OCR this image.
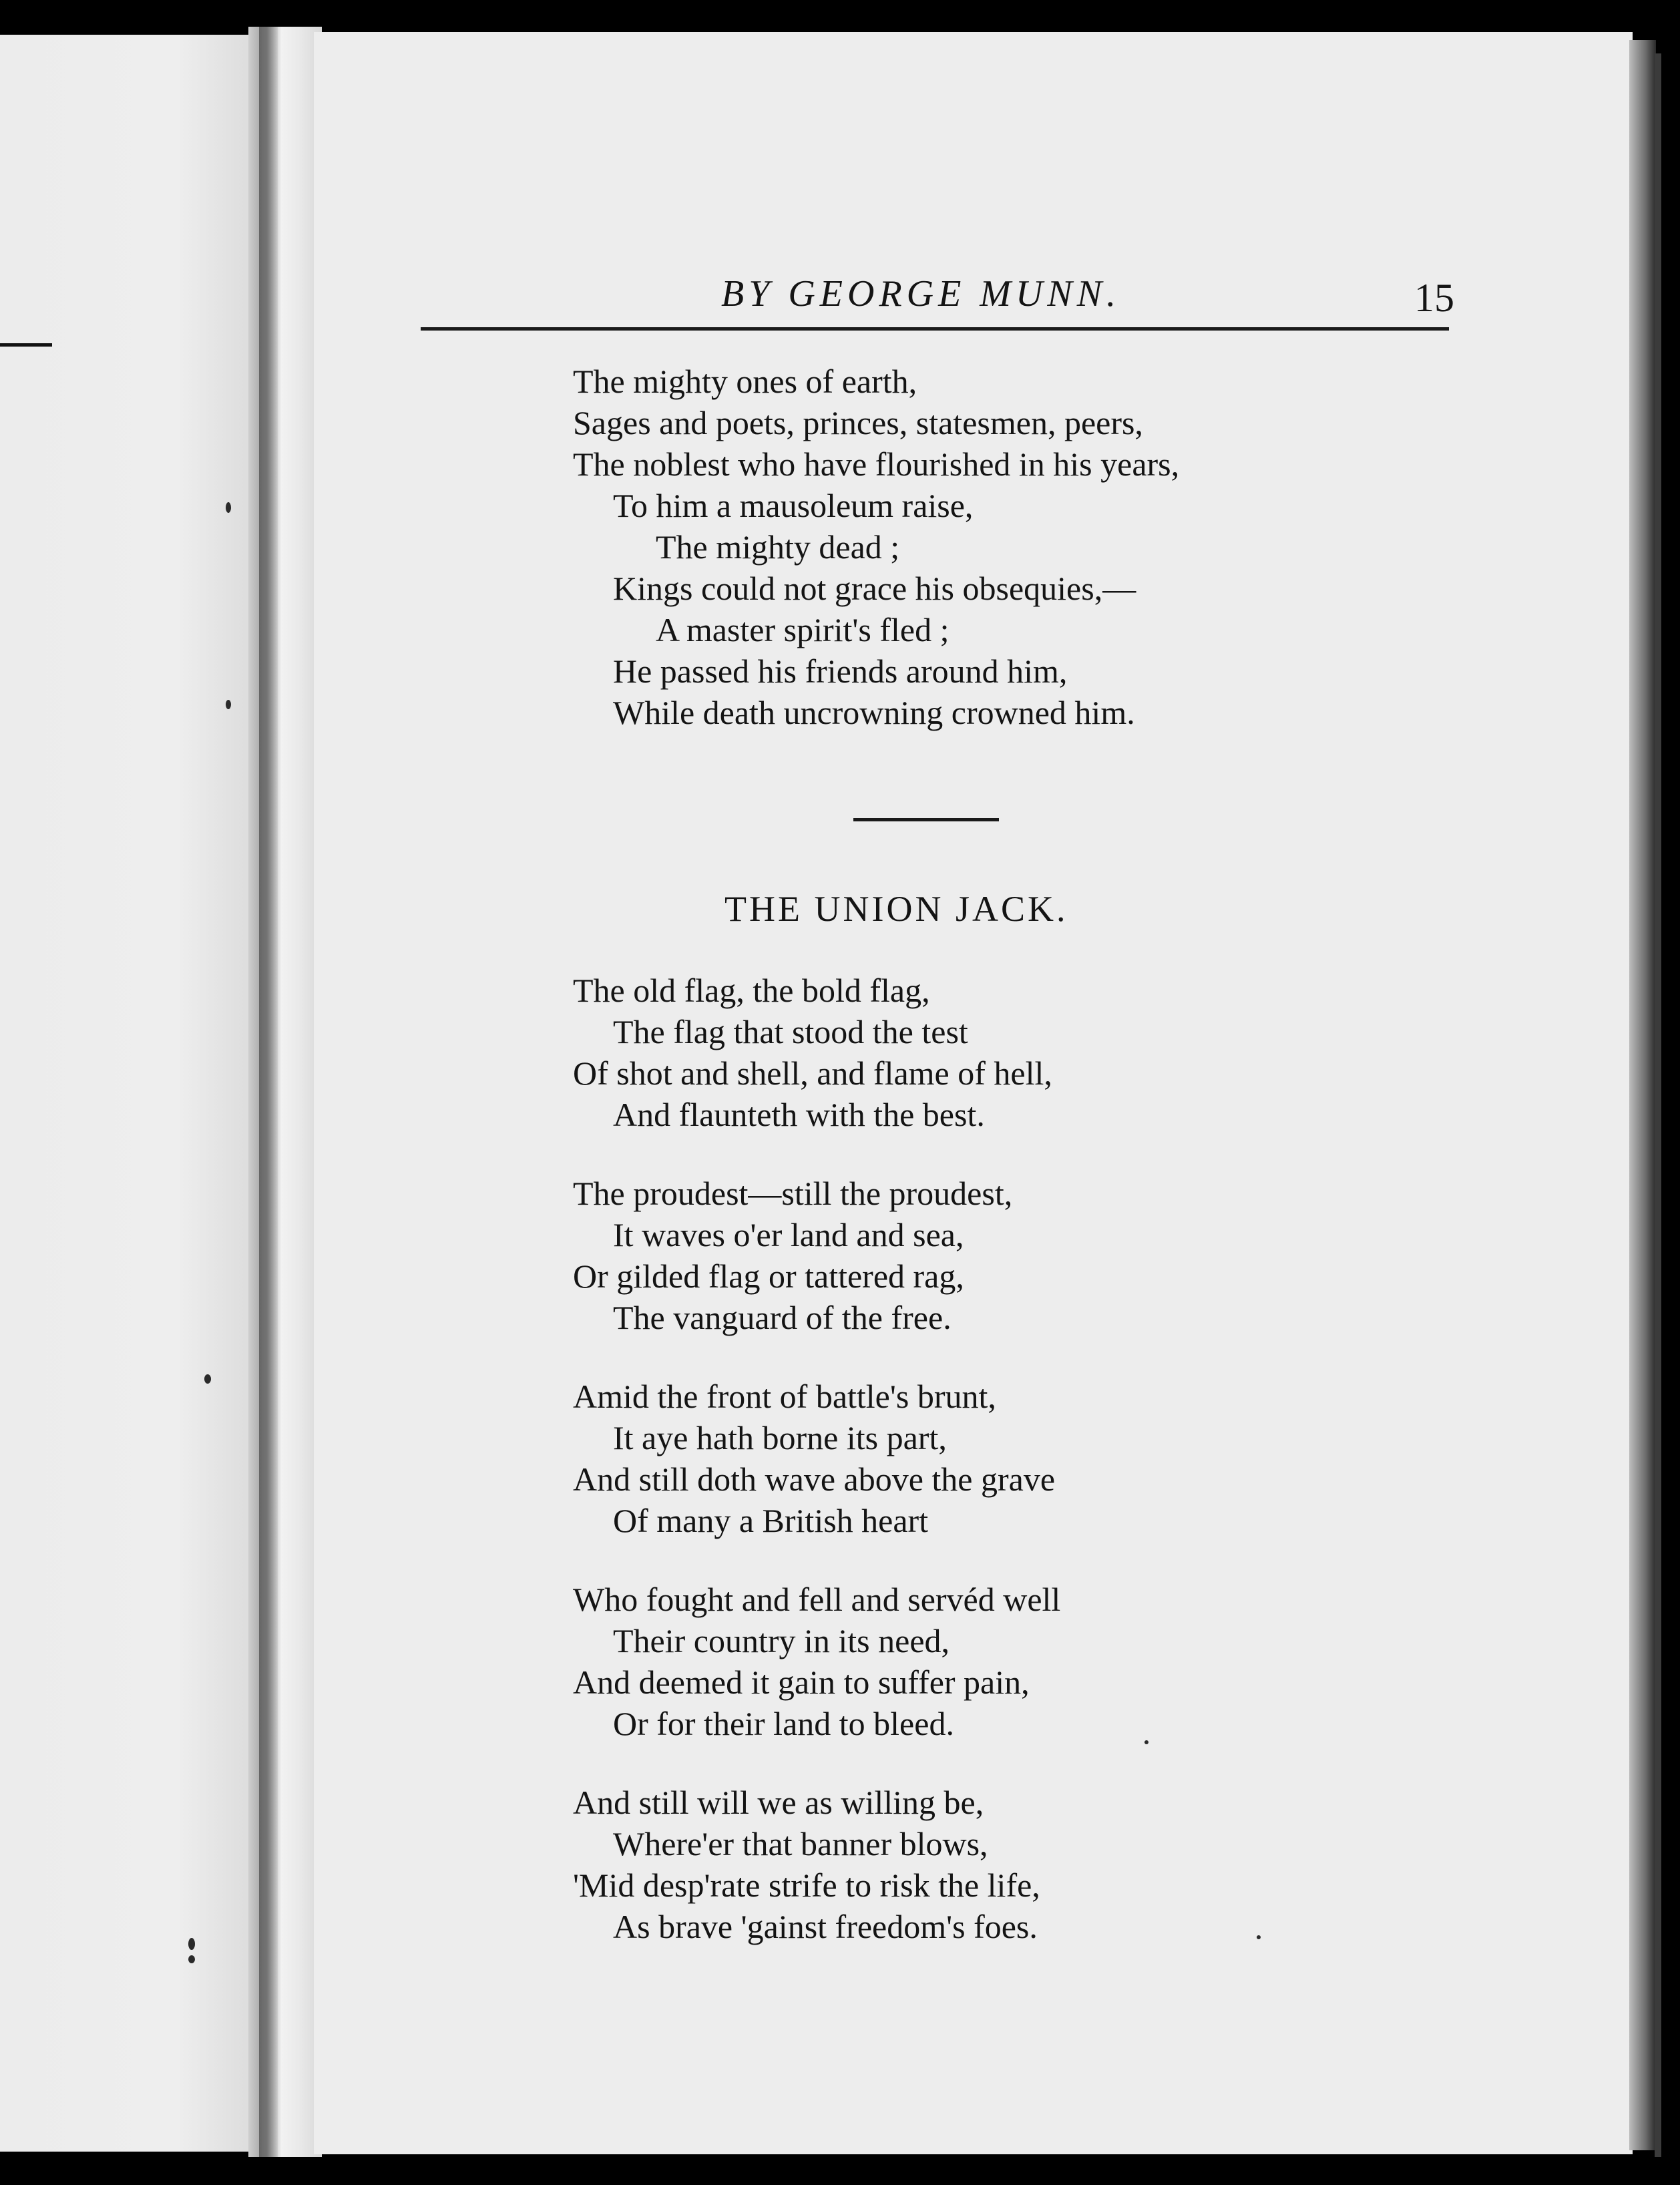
BY GEORGE MUNN.	15
The mighty ones of earth,
Sages and poets, princes, statesmen, peers,
The noblest who have flourished in his years,
To him a mausoleum raise,
The mighty dead ;
Kings could not grace his obsequies,—
A master spirit's fled ;
He passed his friends around him,
While death uncrowning crowned him.
THE UNION JACK.
The old flag, the bold flag,
The flag that stood the test
Of shot and shell, and flame of hell,
And flaunteth with the best.
The proudest—still the proudest,
It waves o'er land and sea,
Or gilded flag or tattered rag,
The vanguard of the free.
Amid the front of battle's brunt,
It aye hath borne its part,
And still doth wave above the grave
Of many a British heart
Who fought and fell and servéd well
Their country in its need,
And deemed it gain to suffer pain,
Or for their land to bleed.
And still will we as willing be,
Where'er that banner blows,
'Mid desp'rate strife to risk the life,
As brave 'gainst freedom's foes.
